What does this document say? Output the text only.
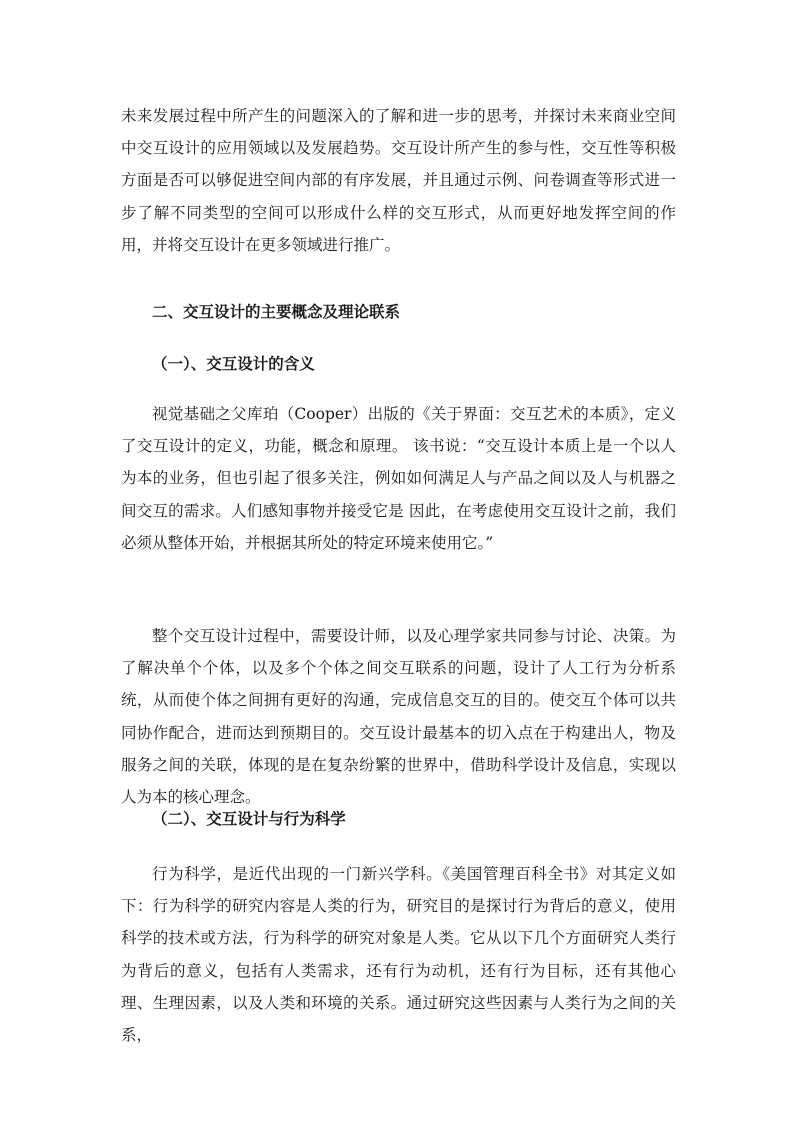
未来发展过程中所产生的问题深入的了解和进一步的思考，并探讨未来商业空间中交互设计的应用领域以及发展趋势。交互设计所产生的参与性，交互性等积极方面是否可以够促进空间内部的有序发展，并且通过示例、问卷调查等形式进一步了解不同类型的空间可以形成什么样的交互形式，从而更好地发挥空间的作用，并将交互设计在更多领域进行推广。

二、交互设计的主要概念及理论联系
（一）、交互设计的含义

视觉基础之父库珀（Cooper）出版的《关于界面：交互艺术的本质》，定义了交互设计的定义，功能，概念和原理。 该书说：“交互设计本质上是一个以人为本的业务，但也引起了很多关注，例如如何满足人与产品之间以及人与机器之间交互的需求。人们感知事物并接受它是 因此，在考虑使用交互设计之前，我们必须从整体开始，并根据其所处的特定环境来使用它。”

整个交互设计过程中，需要设计师，以及心理学家共同参与讨论、决策。为了解决单个个体，以及多个个体之间交互联系的问题，设计了人工行为分析系统，从而使个体之间拥有更好的沟通，完成信息交互的目的。使交互个体可以共同协作配合，进而达到预期目的。交互设计最基本的切入点在于构建出人，物及服务之间的关联，体现的是在复杂纷繁的世界中，借助科学设计及信息，实现以人为本的核心理念。

（二）、交互设计与行为科学

行为科学，是近代出现的一门新兴学科。《美国管理百科全书》对其定义如下：行为科学的研究内容是人类的行为，研究目的是探讨行为背后的意义，使用科学的技术或方法，行为科学的研究对象是人类。它从以下几个方面研究人类行为背后的意义，包括有人类需求，还有行为动机，还有行为目标，还有其他心理、生理因素，以及人类和环境的关系。通过研究这些因素与人类行为之间的关系，
